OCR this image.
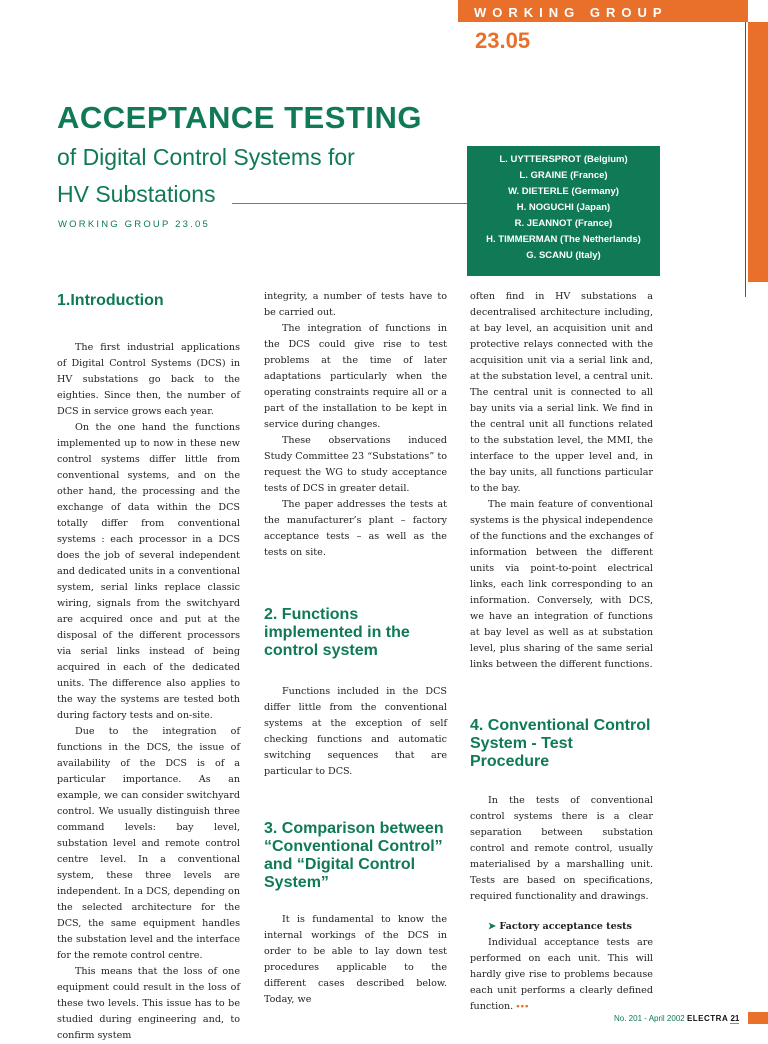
WORKING GROUP
23.05
23.05
ACCEPTANCE TESTING
of Digital Control Systems for
HV Substations
WORKING GROUP 23.05
L. UYTTERSPROT (Belgium)
L. GRAINE (France)
W. DIETERLE (Germany)
H. NOGUCHI (Japan)
R. JEANNOT (France)
H. TIMMERMAN (The Netherlands)
G. SCANU (Italy)
1.Introduction

The first industrial applications of Digital Control Systems (DCS) in HV substations go back to the eighties. Since then, the number of DCS in service grows each year.

On the one hand the functions implemented up to now in these new control systems differ little from conventional systems, and on the other hand, the processing and the exchange of data within the DCS totally differ from conventional systems : each processor in a DCS does the job of several independent and dedicated units in a conventional system, serial links replace classic wiring, signals from the switchyard are acquired once and put at the disposal of the different processors via serial links instead of being acquired in each of the dedicated units. The difference also applies to the way the systems are tested both during factory tests and on-site.

Due to the integration of functions in the DCS, the issue of availability of the DCS is of a particular importance. As an example, we can consider switchyard control. We usually distinguish three command levels: bay level, substation level and remote control centre level. In a conventional system, these three levels are independent. In a DCS, depending on the selected architecture for the DCS, the same equipment handles the substation level and the interface for the remote control centre.

This means that the loss of one equipment could result in the loss of these two levels. This issue has to be studied during engineering and, to confirm system

integrity, a number of tests have to be carried out.

The integration of functions in the DCS could give rise to test problems at the time of later adaptations particularly when the operating constraints require all or a part of the installation to be kept in service during changes.

These observations induced Study Committee 23 “Substations” to request the WG to study acceptance tests of DCS in greater detail.

The paper addresses the tests at the manufacturer’s plant – factory acceptance tests – as well as the tests on site.

2. Functions implemented in the control system

Functions included in the DCS differ little from the conventional systems at the exception of self checking functions and automatic switching sequences that are particular to DCS.

3. Comparison between “Conventional Control” and “Digital Control System”

It is fundamental to know the internal workings of the DCS in order to be able to lay down test procedures applicable to the different cases described below. Today, we

often find in HV substations a decentralised architecture including, at bay level, an acquisition unit and protective relays connected with the acquisition unit via a serial link and, at the substation level, a central unit. The central unit is connected to all bay units via a serial link. We find in the central unit all functions related to the substation level, the MMI, the interface to the upper level and, in the bay units, all functions particular to the bay.

The main feature of conventional systems is the physical independence of the functions and the exchanges of information between the different units via point-to-point electrical links, each link corresponding to an information. Conversely, with DCS, we have an integration of functions at bay level as well as at substation level, plus sharing of the same serial links between the different functions.

4. Conventional Control System - Test Procedure

In the tests of conventional control systems there is a clear separation between substation control and remote control, usually materialised by a marshalling unit. Tests are based on specifications, required functionality and drawings.

➤ Factory acceptance tests

Individual acceptance tests are performed on each unit. This will hardly give rise to problems because each unit performs a clearly defined function. •••

No. 201 - April 2002 ELECTRA 21
